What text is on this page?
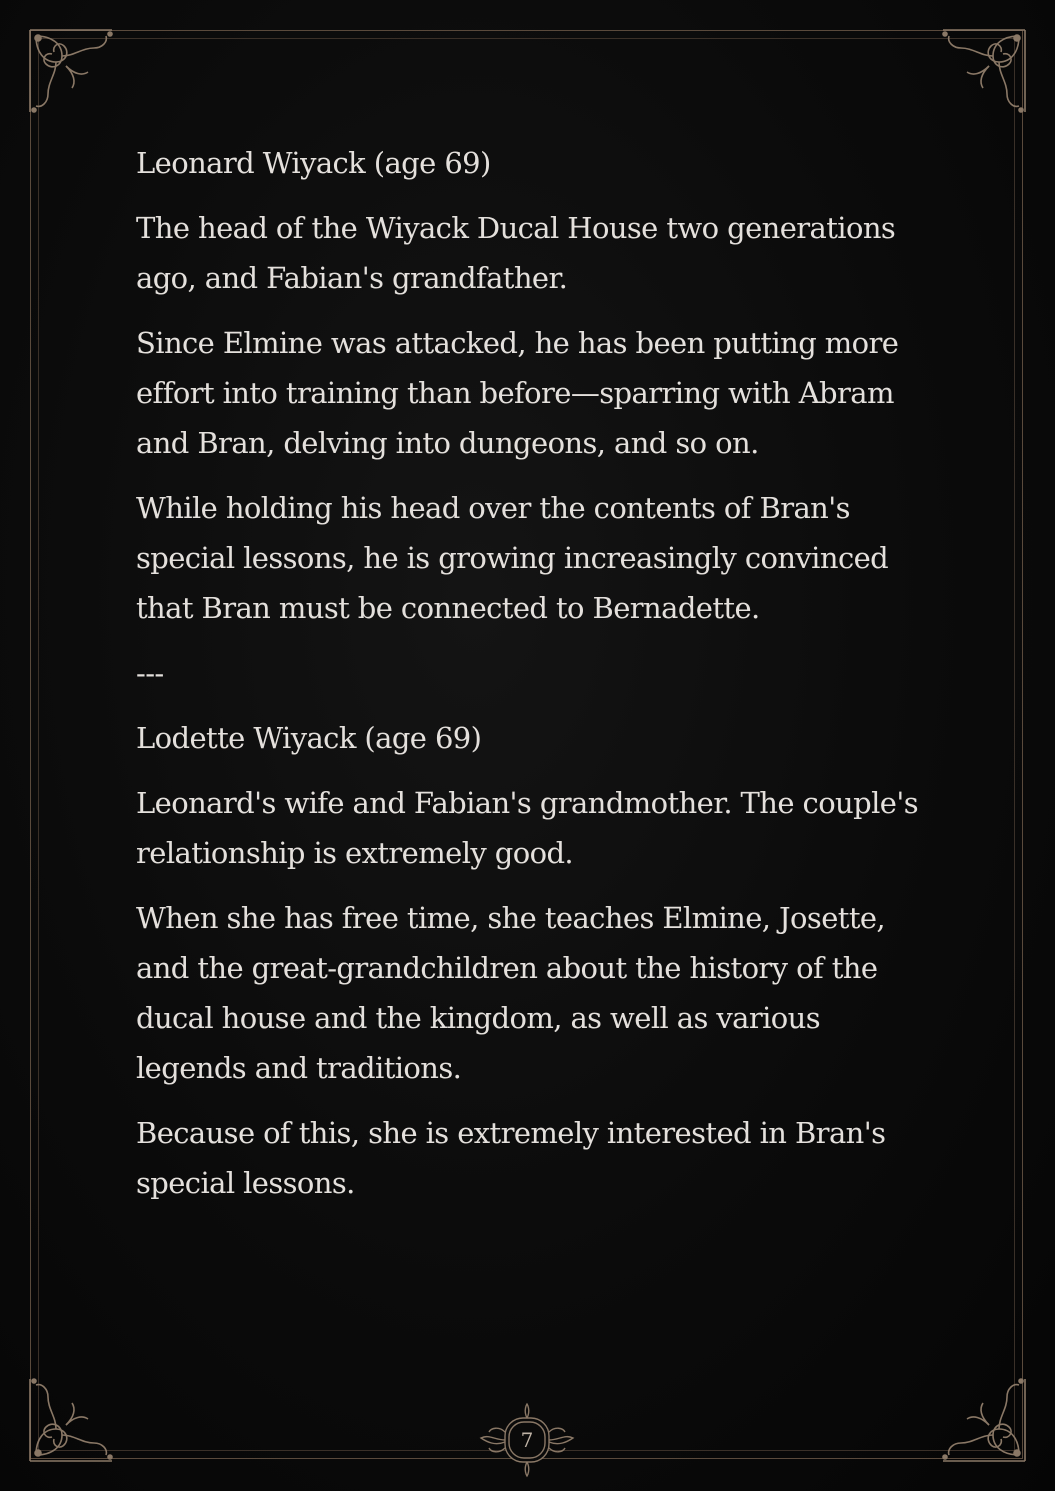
Leonard Wiyack (age 69)

The head of the Wiyack Ducal House two generations ago, and Fabian's grandfather.

Since Elmine was attacked, he has been putting more effort into training than before—sparring with Abram and Bran, delving into dungeons, and so on.

While holding his head over the contents of Bran's special lessons, he is growing increasingly convinced that Bran must be connected to Bernadette.

---

Lodette Wiyack (age 69)

Leonard's wife and Fabian's grandmother. The couple's relationship is extremely good.

When she has free time, she teaches Elmine, Josette, and the great-grandchildren about the history of the ducal house and the kingdom, as well as various legends and traditions.

Because of this, she is extremely interested in Bran's special lessons.

7
